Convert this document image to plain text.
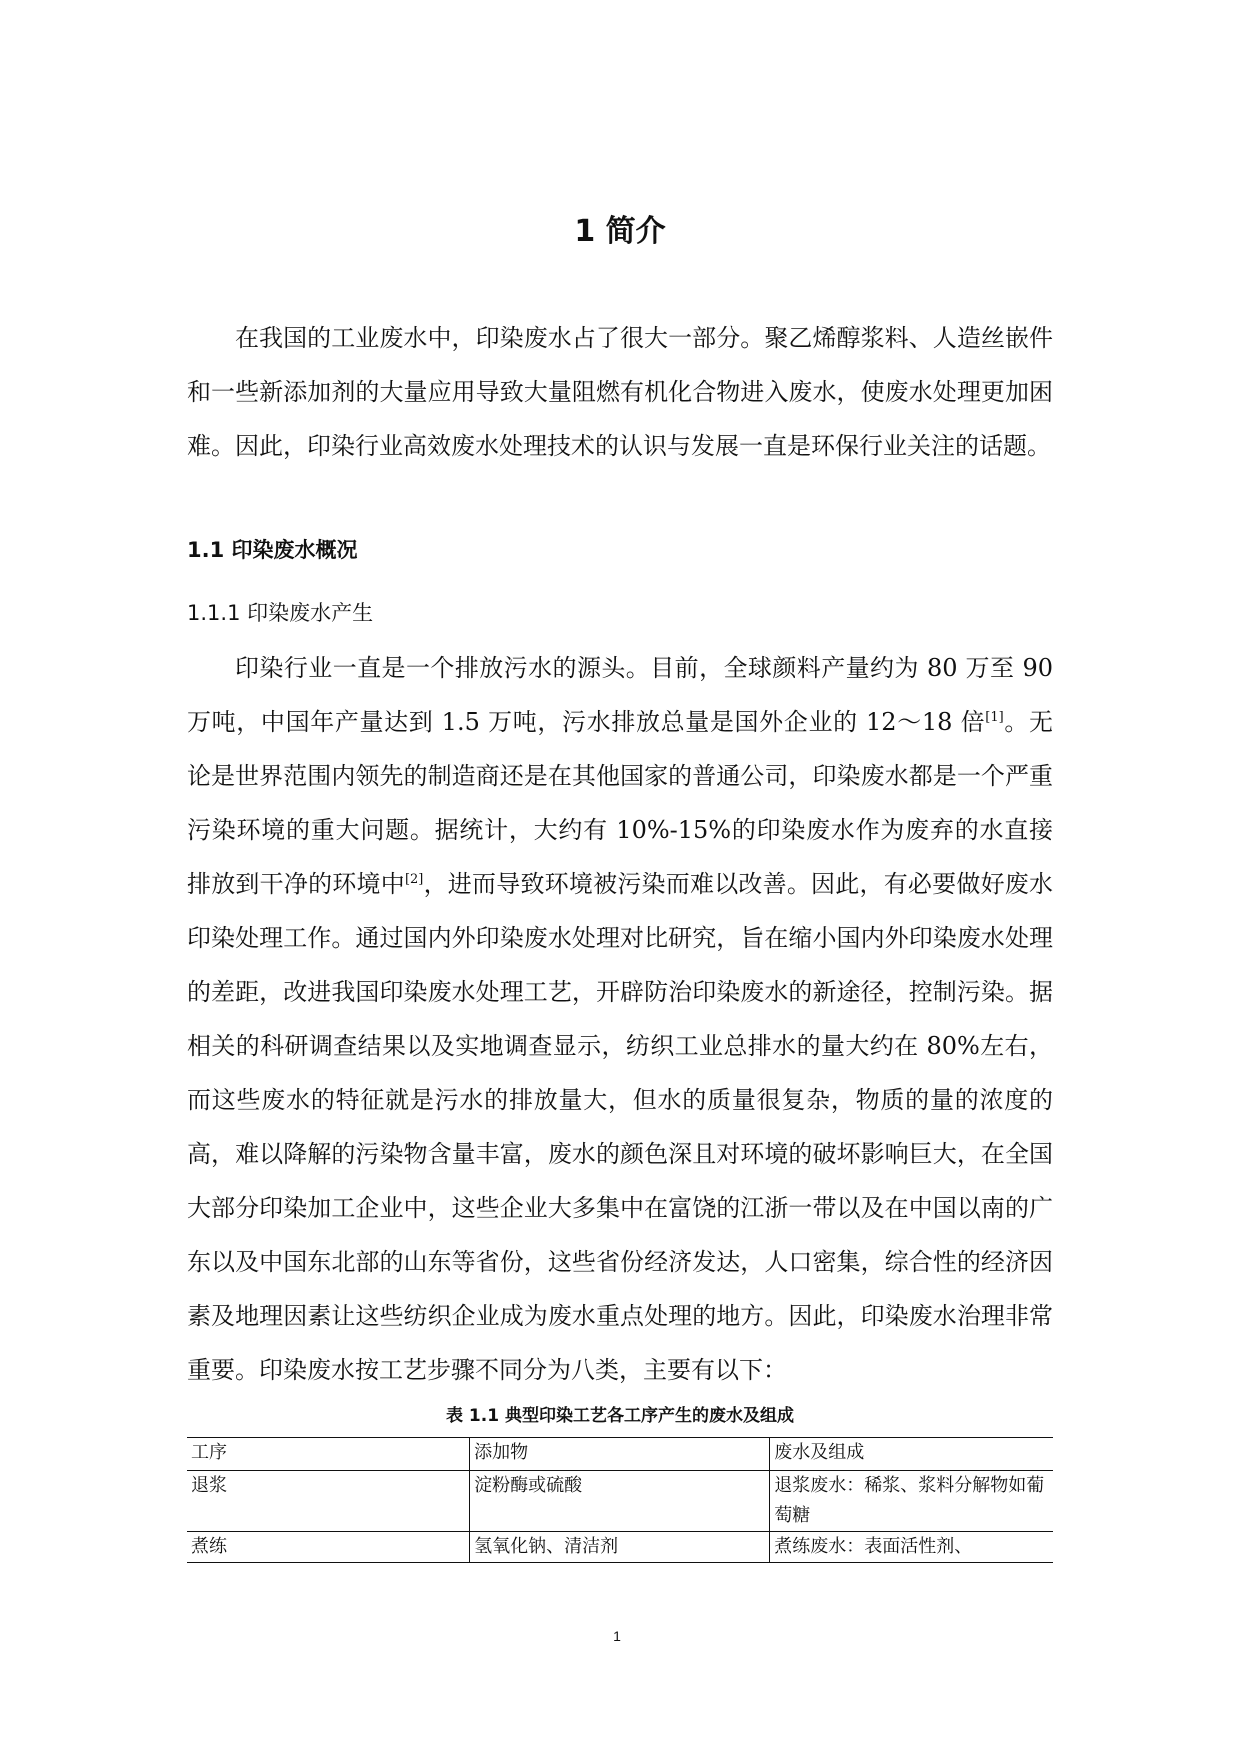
1 简介

在我国的工业废水中，印染废水占了很大一部分。聚乙烯醇浆料、人造丝嵌件和一些新添加剂的大量应用导致大量阻燃有机化合物进入废水，使废水处理更加困难。因此，印染行业高效废水处理技术的认识与发展一直是环保行业关注的话题。

1.1 印染废水概况
1.1.1 印染废水产生

印染行业一直是一个排放污水的源头。目前，全球颜料产量约为 80 万至 90 万吨，中国年产量达到 1.5 万吨，污水排放总量是国外企业的 12～18 倍[1]。无论是世界范围内领先的制造商还是在其他国家的普通公司，印染废水都是一个严重污染环境的重大问题。据统计，大约有 10%-15%的印染废水作为废弃的水直接排放到干净的环境中[2]，进而导致环境被污染而难以改善。因此，有必要做好废水印染处理工作。通过国内外印染废水处理对比研究，旨在缩小国内外印染废水处理的差距，改进我国印染废水处理工艺，开辟防治印染废水的新途径，控制污染。据相关的科研调查结果以及实地调查显示，纺织工业总排水的量大约在 80%左右，而这些废水的特征就是污水的排放量大，但水的质量很复杂，物质的量的浓度的高，难以降解的污染物含量丰富，废水的颜色深且对环境的破坏影响巨大，在全国大部分印染加工企业中，这些企业大多集中在富饶的江浙一带以及在中国以南的广东以及中国东北部的山东等省份，这些省份经济发达，人口密集，综合性的经济因素及地理因素让这些纺织企业成为废水重点处理的地方。因此，印染废水治理非常重要。印染废水按工艺步骤不同分为八类，主要有以下：

表 1.1 典型印染工艺各工序产生的废水及组成
工序	添加物	废水及组成
退浆	淀粉酶或硫酸	退浆废水：稀浆、浆料分解物如葡萄糖
煮练	氢氧化钠、清洁剂	煮练废水：表面活性剂、
1
